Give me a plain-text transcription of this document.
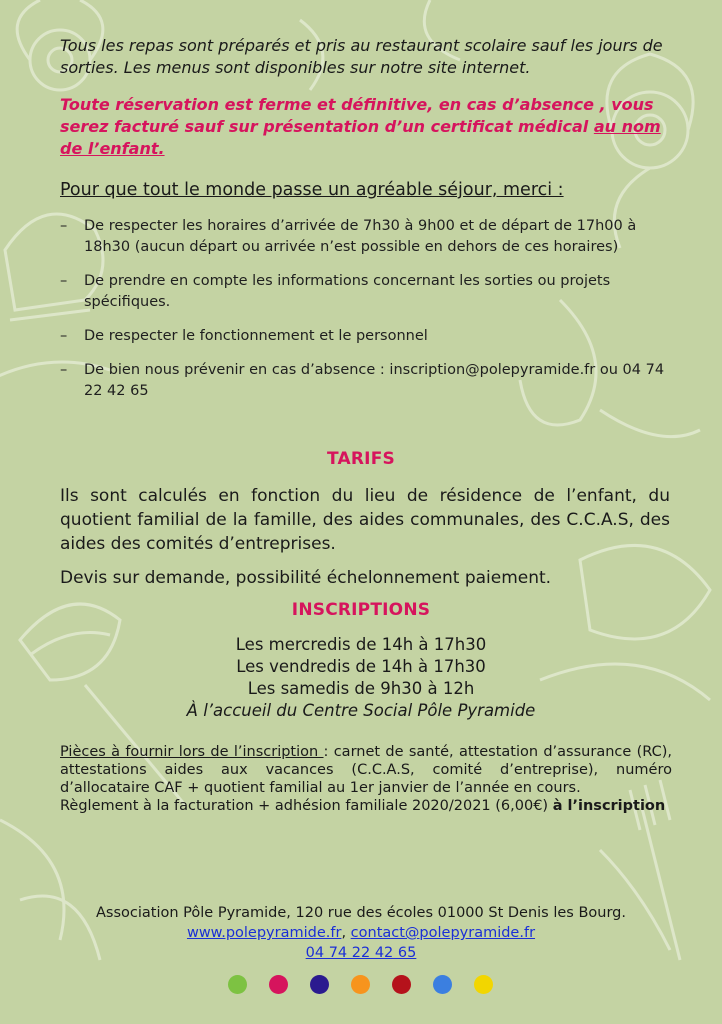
Tous les repas sont préparés et pris au restaurant scolaire sauf les jours de sorties. Les menus sont disponibles sur notre site internet.

Toute réservation est ferme et définitive, en cas d’absence , vous serez facturé sauf sur présentation d’un certificat médical au nom de l’enfant.

Pour que tout le monde passe un agréable séjour, merci :

– De respecter les horaires d’arrivée de 7h30 à 9h00 et de départ de 17h00 à 18h30 (aucun départ ou arrivée n’est possible en dehors de ces horaires)
– De prendre en compte les informations concernant les sorties ou projets spécifiques.
– De respecter le fonctionnement et le personnel
– De bien nous prévenir en cas d’absence : inscription@polepyramide.fr ou 04 74 22 42 65

TARIFS

Ils sont calculés en fonction du lieu de résidence de l’enfant, du quotient familial de la famille, des aides communales, des C.C.A.S, des aides des comités d’entreprises.

Devis sur demande, possibilité échelonnement paiement.

INSCRIPTIONS

Les mercredis de 14h à 17h30
Les vendredis de 14h à 17h30
Les samedis de 9h30 à 12h
À l’accueil du Centre Social Pôle Pyramide

Pièces à fournir lors de l’inscription : carnet de santé, attestation d’assurance (RC), attestations aides aux vacances (C.C.A.S, comité d’entreprise), numéro d’allocataire CAF + quotient familial au 1er janvier de l’année en cours.

Règlement à la facturation + adhésion familiale 2020/2021 (6,00€) à l’inscription

Association Pôle Pyramide, 120 rue des écoles 01000 St Denis les Bourg.
www.polepyramide.fr, contact@polepyramide.fr
04 74 22 42 65
